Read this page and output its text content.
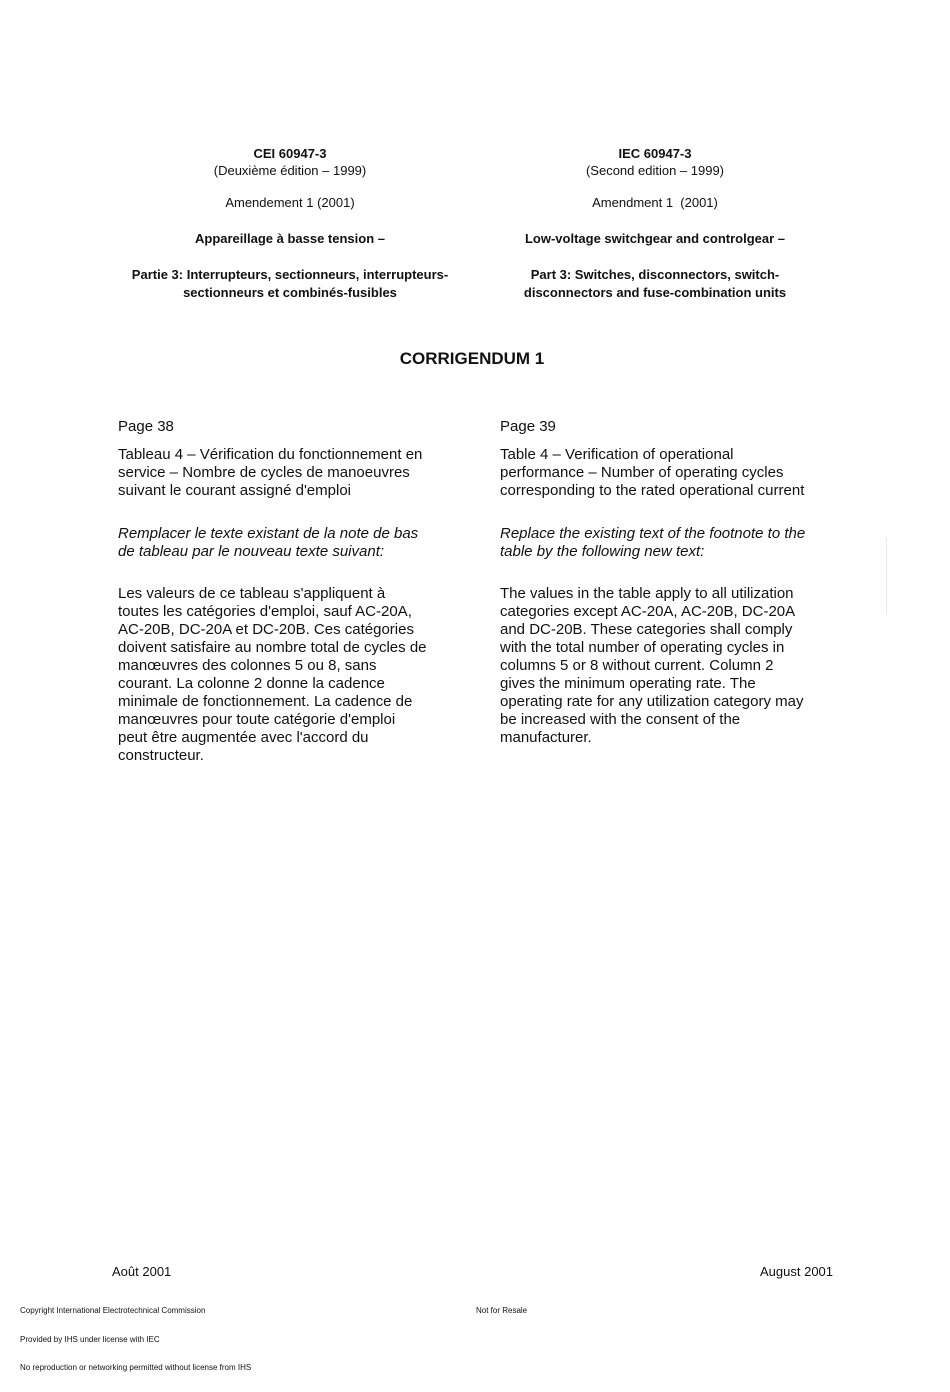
CEI 60947-3
(Deuxième édition – 1999)
Amendement 1 (2001)
Appareillage à basse tension –
Partie 3: Interrupteurs, sectionneurs, interrupteurs-
sectionneurs et combinés-fusibles
IEC 60947-3
(Second edition – 1999)
Amendment 1  (2001)
Low-voltage switchgear and controlgear –
Part 3: Switches, disconnectors, switch-
disconnectors and fuse-combination units
CORRIGENDUM 1
Page 38
Tableau 4 – Vérification du fonctionnement en
service – Nombre de cycles de manoeuvres
suivant le courant assigné d'emploi
Remplacer le texte existant de la note de bas
de tableau par le nouveau texte suivant:
Les valeurs de ce tableau s'appliquent à
toutes les catégories d'emploi, sauf AC-20A,
AC-20B, DC-20A et DC-20B. Ces catégories
doivent satisfaire au nombre total de cycles de
manœuvres des colonnes 5 ou 8, sans
courant. La colonne 2 donne la cadence
minimale de fonctionnement. La cadence de
manœuvres pour toute catégorie d'emploi
peut être augmentée avec l'accord du
constructeur.
Page 39
Table 4 – Verification of operational
performance – Number of operating cycles
corresponding to the rated operational current
Replace the existing text of the footnote to the
table by the following new text:
The values in the table apply to all utilization
categories except AC-20A, AC-20B, DC-20A
and DC-20B. These categories shall comply
with the total number of operating cycles in
columns 5 or 8 without current. Column 2
gives the minimum operating rate. The
operating rate for any utilization category may
be increased with the consent of the
manufacturer.
Août 2001	August 2001

Copyright International Electrotechnical Commission

Provided by IHS under license with IEC

No reproduction or networking permitted without license from IHS

Not for Resale
